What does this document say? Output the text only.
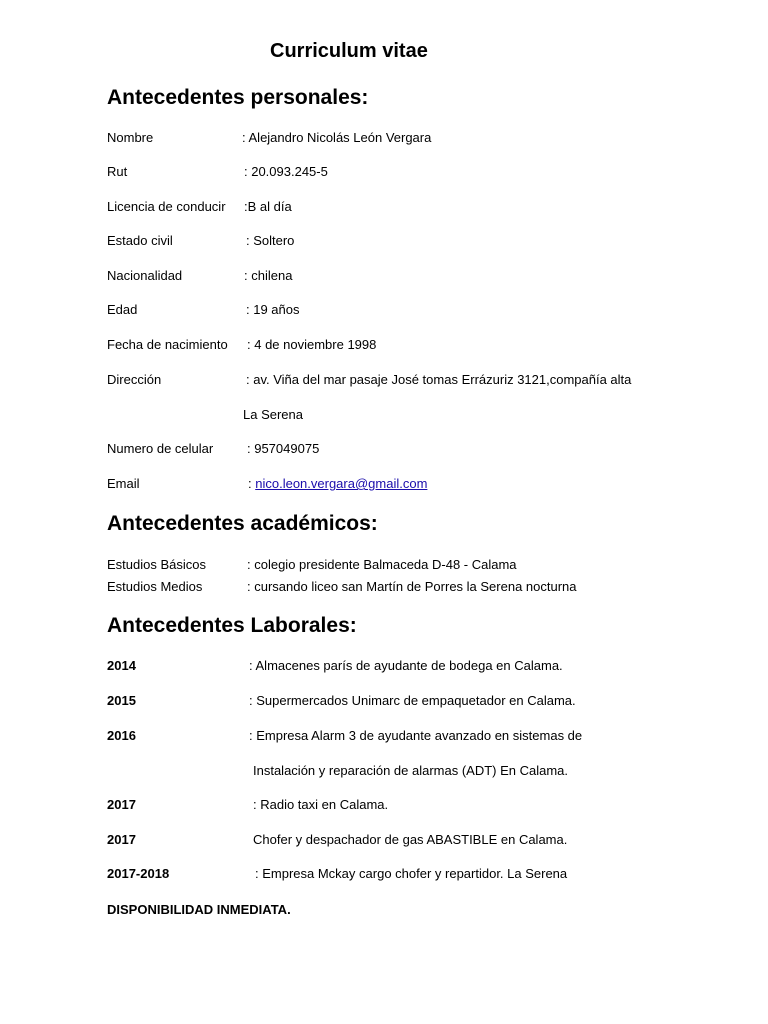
Curriculum vitae
Antecedentes personales:
Nombre	: Alejandro Nicolás León Vergara
Rut	: 20.093.245-5
Licencia de conducir :B al día
Estado civil	: Soltero
Nacionalidad	: chilena
Edad	: 19 años
Fecha de nacimiento : 4 de noviembre 1998
Dirección	: av. Viña del mar pasaje José tomas Errázuriz 3121,compañía alta
La Serena
Numero de celular	: 957049075
Email	: nico.leon.vergara@gmail.com
Antecedentes académicos:
Estudios Básicos	: colegio presidente Balmaceda D-48 - Calama
Estudios Medios	: cursando liceo san Martín de Porres la Serena nocturna
Antecedentes Laborales:
2014	: Almacenes parís de ayudante de bodega en Calama.
2015	: Supermercados Unimarc de empaquetador en Calama.
2016	: Empresa Alarm 3 de ayudante avanzado en sistemas de
Instalación y reparación de alarmas (ADT) En Calama.
2017	: Radio taxi en Calama.
2017	Chofer y despachador de gas ABASTIBLE en Calama.
2017-2018	: Empresa Mckay cargo chofer y repartidor. La Serena
DISPONIBILIDAD INMEDIATA.
